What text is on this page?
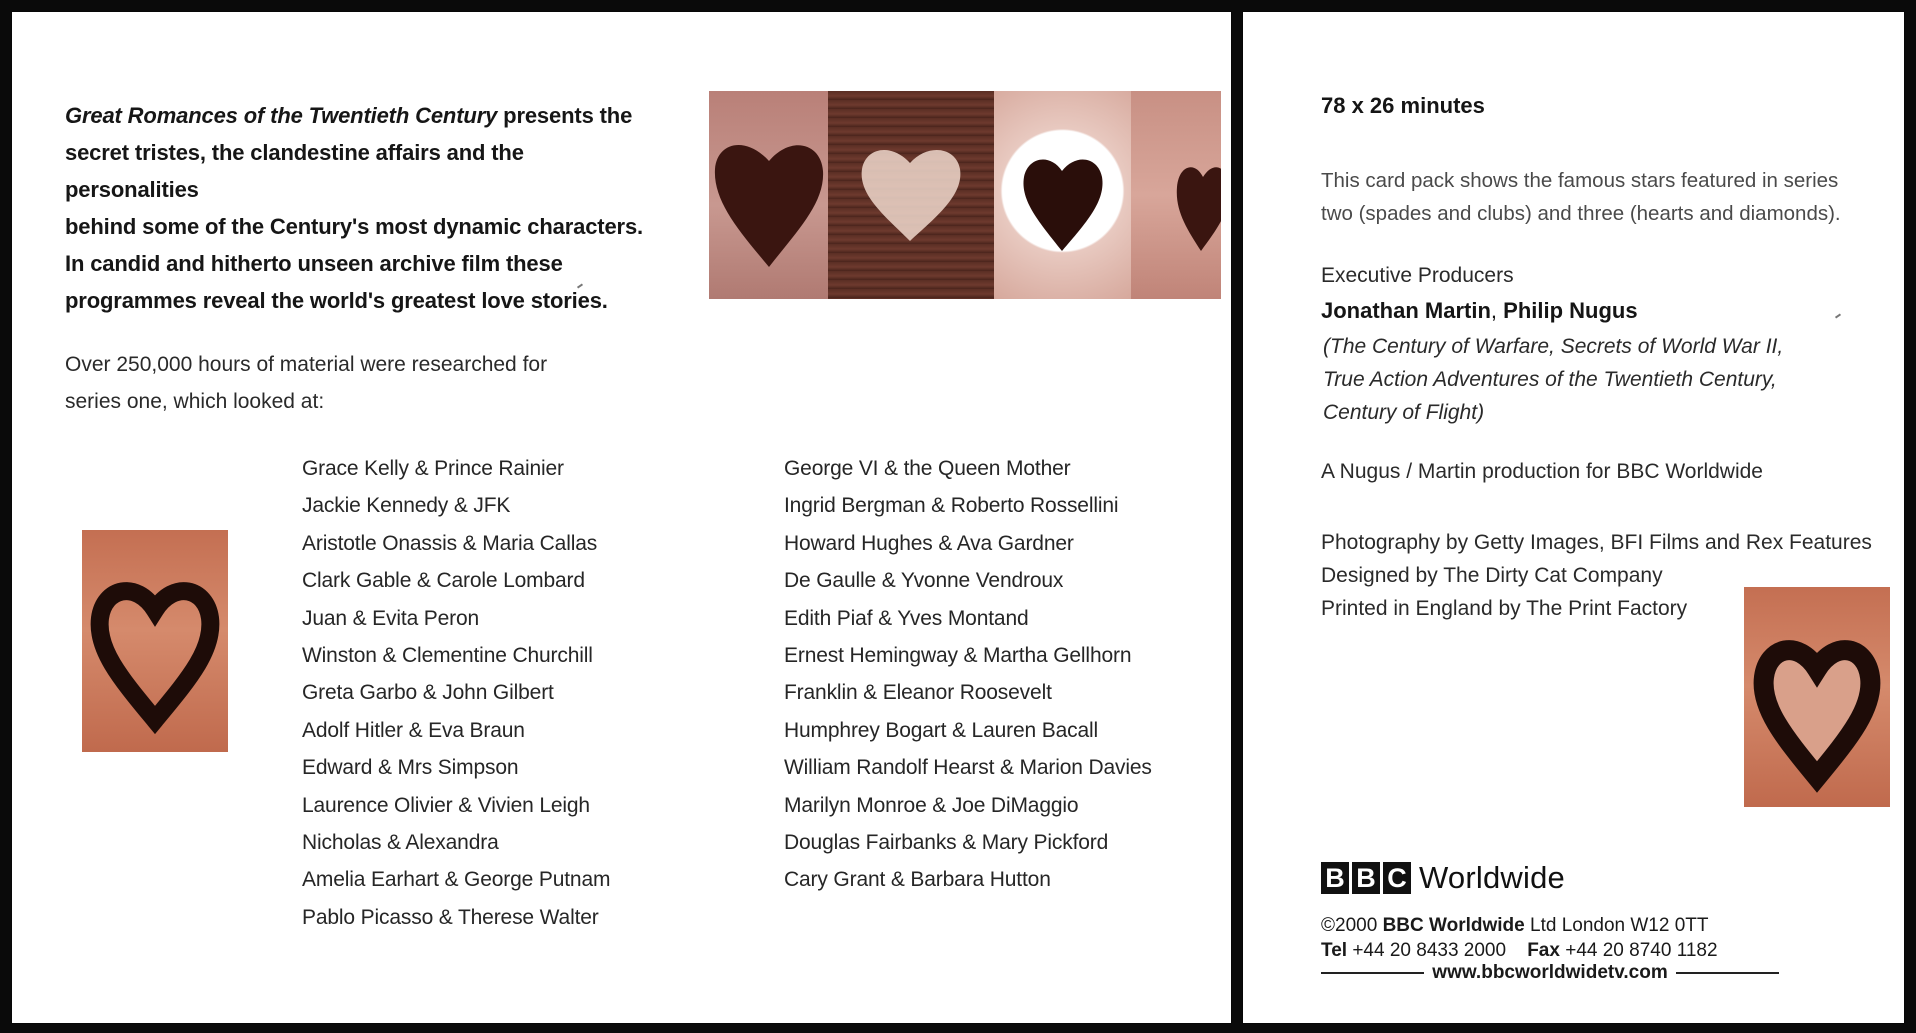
Great Romances of the Twentieth Century presents the
secret tristes, the clandestine affairs and the personalities
behind some of the Century's most dynamic characters.
In candid and hitherto unseen archive film these
programmes reveal the world's greatest love stories.
Over 250,000 hours of material were researched for
series one, which looked at:
Grace Kelly & Prince Rainier
Jackie Kennedy & JFK
Aristotle Onassis & Maria Callas
Clark Gable & Carole Lombard
Juan & Evita Peron
Winston & Clementine Churchill
Greta Garbo & John Gilbert
Adolf Hitler & Eva Braun
Edward & Mrs Simpson
Laurence Olivier & Vivien Leigh
Nicholas & Alexandra
Amelia Earhart & George Putnam
Pablo Picasso & Therese Walter
George VI & the Queen Mother
Ingrid Bergman & Roberto Rossellini
Howard Hughes & Ava Gardner
De Gaulle & Yvonne Vendroux
Edith Piaf & Yves Montand
Ernest Hemingway & Martha Gellhorn
Franklin & Eleanor Roosevelt
Humphrey Bogart & Lauren Bacall
William Randolf Hearst & Marion Davies
Marilyn Monroe & Joe DiMaggio
Douglas Fairbanks & Mary Pickford
Cary Grant & Barbara Hutton
78 x 26 minutes
This card pack shows the famous stars featured in series
two (spades and clubs) and three (hearts and diamonds).
Executive Producers
Jonathan Martin, Philip Nugus
(The Century of Warfare, Secrets of World War II,
True Action Adventures of the Twentieth Century,
Century of Flight)
A Nugus / Martin production for BBC Worldwide
Photography by Getty Images, BFI Films and Rex Features
Designed by The Dirty Cat Company
Printed in England by The Print Factory
B B C Worldwide
©2000 BBC Worldwide Ltd London W12 0TT
Tel +44 20 8433 2000 Fax +44 20 8740 1182
www.bbcworldwidetv.com
